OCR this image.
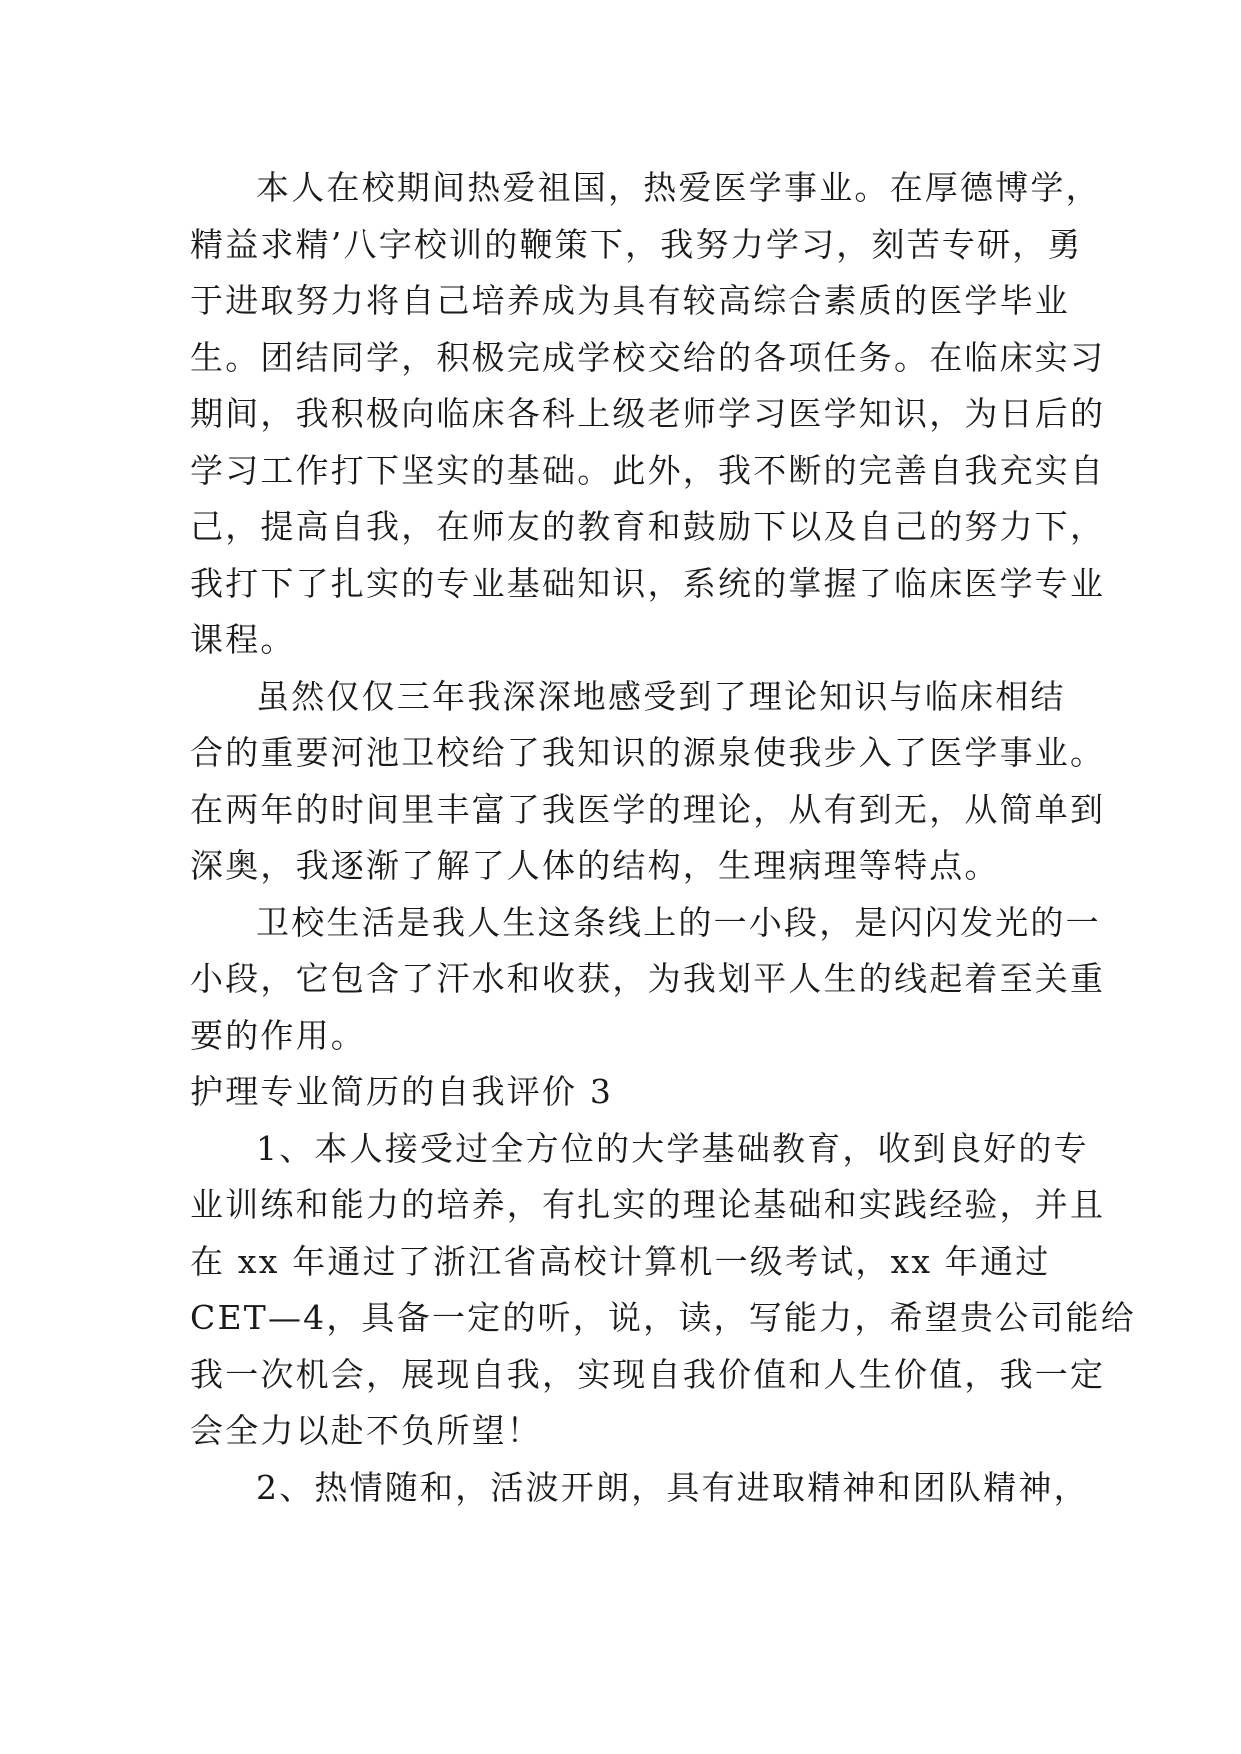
本人在校期间热爱祖国，热爱医学事业。在厚德博学，
精益求精’八字校训的鞭策下，我努力学习，刻苦专研，勇
于进取努力将自己培养成为具有较高综合素质的医学毕业
生。团结同学，积极完成学校交给的各项任务。在临床实习
期间，我积极向临床各科上级老师学习医学知识，为日后的
学习工作打下坚实的基础。此外，我不断的完善自我充实自
己，提高自我，在师友的教育和鼓励下以及自己的努力下，
我打下了扎实的专业基础知识，系统的掌握了临床医学专业
课程。
虽然仅仅三年我深深地感受到了理论知识与临床相结
合的重要河池卫校给了我知识的源泉使我步入了医学事业。
在两年的时间里丰富了我医学的理论，从有到无，从简单到
深奥，我逐渐了解了人体的结构，生理病理等特点。
卫校生活是我人生这条线上的一小段，是闪闪发光的一
小段，它包含了汗水和收获，为我划平人生的线起着至关重
要的作用。
护理专业简历的自我评价 3
1、本人接受过全方位的大学基础教育，收到良好的专
业训练和能力的培养，有扎实的理论基础和实践经验，并且
在 xx 年通过了浙江省高校计算机一级考试，xx 年通过
CET—4，具备一定的听，说，读，写能力，希望贵公司能给
我一次机会，展现自我，实现自我价值和人生价值，我一定
会全力以赴不负所望！
2、热情随和，活波开朗，具有进取精神和团队精神，
